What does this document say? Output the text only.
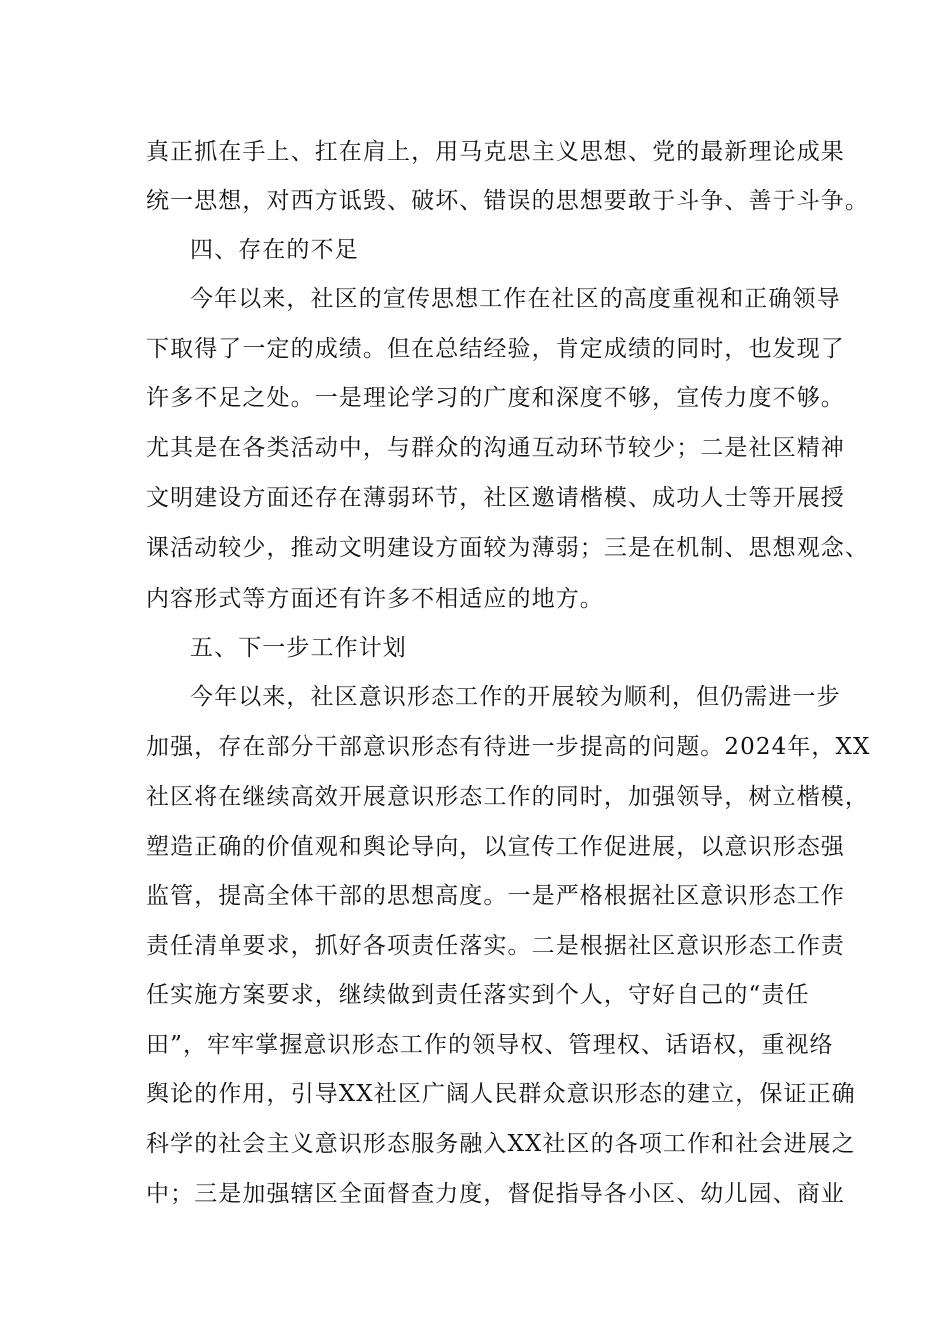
真正抓在手上、扛在肩上，用马克思主义思想、党的最新理论成果
统一思想，对西方诋毁、破坏、错误的思想要敢于斗争、善于斗争。
四、存在的不足
今年以来，社区的宣传思想工作在社区的高度重视和正确领导
下取得了一定的成绩。但在总结经验，肯定成绩的同时，也发现了
许多不足之处。一是理论学习的广度和深度不够，宣传力度不够。
尤其是在各类活动中，与群众的沟通互动环节较少；二是社区精神
文明建设方面还存在薄弱环节，社区邀请楷模、成功人士等开展授
课活动较少，推动文明建设方面较为薄弱；三是在机制、思想观念、
内容形式等方面还有许多不相适应的地方。
五、下一步工作计划
今年以来，社区意识形态工作的开展较为顺利，但仍需进一步
加强，存在部分干部意识形态有待进一步提高的问题。2024年，XX
社区将在继续高效开展意识形态工作的同时，加强领导，树立楷模，
塑造正确的价值观和舆论导向，以宣传工作促进展，以意识形态强
监管，提高全体干部的思想高度。一是严格根据社区意识形态工作
责任清单要求，抓好各项责任落实。二是根据社区意识形态工作责
任实施方案要求，继续做到责任落实到个人，守好自己的“责任
田”，牢牢掌握意识形态工作的领导权、管理权、话语权，重视络
舆论的作用，引导XX社区广阔人民群众意识形态的建立，保证正确
科学的社会主义意识形态服务融入XX社区的各项工作和社会进展之
中；三是加强辖区全面督查力度，督促指导各小区、幼儿园、商业
